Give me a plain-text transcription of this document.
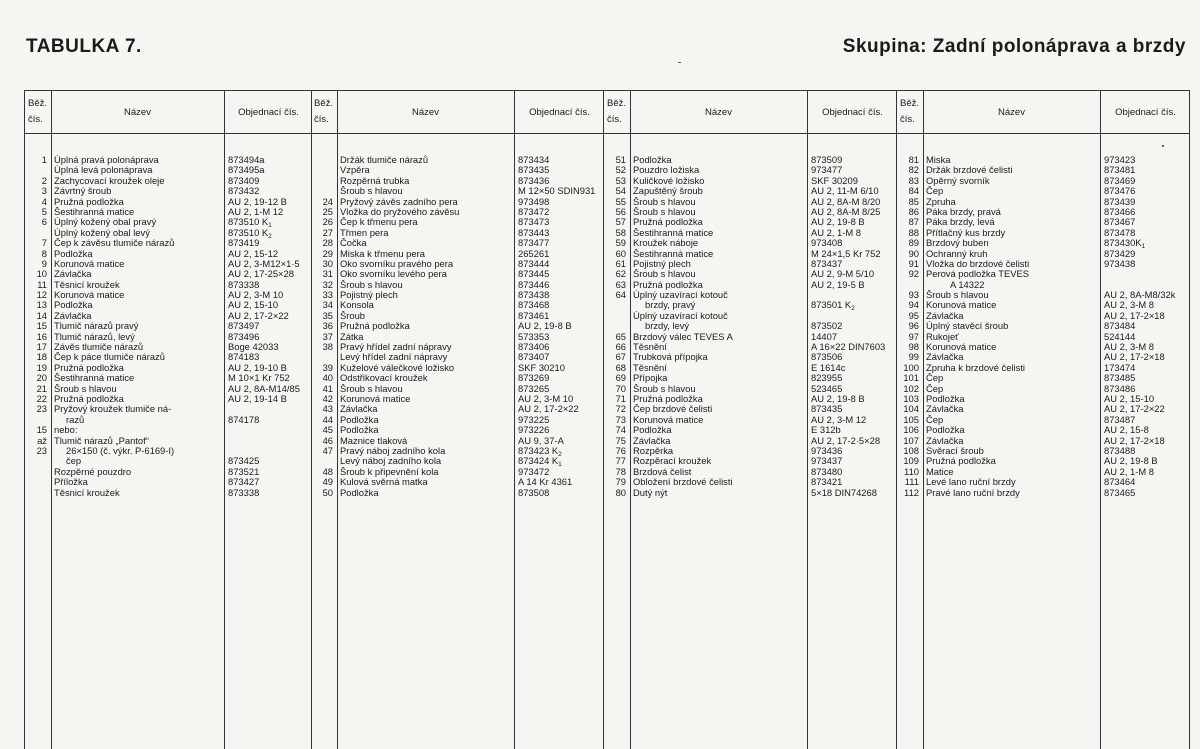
TABULKA 7.	Skupina: Zadní polonáprava a brzdy
Běž.
čís.
Název	Objednací čís.
1 Úplná pravá polonáprava	873494a
Úplná levá polonáprava	873495a
2 Zachycovací kroužek oleje	873409
3 Závrtný šroub	873432
4 Pružná podložka	AU 2, 19-12 B
5 Šestihranná matice	AU 2, 1-M 12
6 Úplný kožený obal pravý	873510 $K_1$
Úplný kožený obal levý	873510 $K_2$
7 Čep k závěsu tlumiče nárazů	873419
8 Podložka	AU 2, 15-12
9 Korunová matice	AU 2, 3-M12×1·5
10 Závlačka	AU 2, 17-25×28
11 Těsnicí kroužek	873338
12 Korunová matice	AU 2, 3-M 10
13 Podložka	AU 2, 15-10
14 Závlačka	AU 2, 17-2×22
15 Tlumič nárazů pravý	873497
16 Tlumič nárazů, levý	873496
17 Závěs tlumiče nárazů	Boge 42033
18 Čep k páce tlumiče nárazů	874183
19 Pružná podložka	AU 2, 19-10 B
20 Šestihranná matice	M 10×1 Kr 752
21 Šroub s hlavou	AU 2, 8A-M14/85
22 Pružná podložka	AU 2, 19-14 B
23 Pryžový kroužek tlumiče ná-
razů	874178
15 nebo:
až Tlumič nárazů „Pantof“
23 26×150 (č. výkr. P-6169-I)
čep	873425
Rozpěrné pouzdro	873521
Příložka	873427
Těsnicí kroužek	873338
Běž.
čís.
Název	Objednací čís.
Držák tlumiče nárazů	873434
Vzpěra	873435
Rozpěrná trubka	873436
Šroub s hlavou	M 12×50 SDIN931
24 Pryžový závěs zadního pera	973498
25 Vložka do pryžového závěsu	873472
26 Čep k třmenu pera	873473
27 Třmen pera	873443
28 Čočka	873477
29 Miska k třmenu pera	265261
30 Oko svorníku pravého pera	873444
31 Oko svorníku levého pera	873445
32 Šroub s hlavou	873446
33 Pojistný plech	873438
34 Konsola	873468
35 Šroub	873461
36 Pružná podložka	AU 2, 19-8 B
37 Zátka	573353
38 Pravý hřídel zadní nápravy	873406
Levý hřídel zadní nápravy	873407
39 Kuželové válečkové ložisko	SKF 30210
40 Odstřikovací kroužek	873269
41 Šroub s hlavou	873265
42 Korunová matice	AU 2, 3-M 10
43 Závlačka	AU 2, 17-2×22
44 Podložka	973225
45 Podložka	973226
46 Maznice tlaková	AU 9, 37-A
47 Pravý náboj zadního kola	873423 $K_2$
Levý náboj zadního kola	873424 $K_1$
48 Šroub k připevnění kola	973472
49 Kulová svěrná matka	A 14 Kr 4361
50 Podložka	873508
Běž.
čís.
Název	Objednací čís.
51 Podložka	873509
52 Pouzdro ložiska	973477
53 Kuličkové ložisko	SKF 30209
54 Zapuštěný šroub	AU 2, 11-M 6/10
55 Šroub s hlavou	AU 2, 8A-M 8/20
56 Šroub s hlavou	AU 2, 8A-M 8/25
57 Pružná podložka	AU 2, 19-8 B
58 Šestihranná matice	AU 2, 1-M 8
59 Kroužek náboje	973408
60 Šestihranná matice	M 24×1,5 Kr 752
61 Pojistný plech	873437
62 Šroub s hlavou	AU 2, 9-M 5/10
63 Pružná podložka	AU 2, 19-5 B
64 Úplný uzavírací kotouč
brzdy, pravý	873501 $K_2$
Úplný uzavírací kotouč
brzdy, levý	873502
65 Brzdový válec TEVES A	14407
66 Těsnění	A 16×22 DIN7603
67 Trubková přípojka	873506
68 Těsnění	E 1614c
69 Přípojka	823955
70 Šroub s hlavou	523465
71 Pružná podložka	AU 2, 19-8 B
72 Čep brzdové čelisti	873435
73 Korunová matice	AU 2, 3-M 12
74 Podložka	E 312b
75 Závlačka	AU 2, 17-2·5×28
76 Rozpěrka	973436
77 Rozpěrací kroužek	973437
78 Brzdová čelist	873480
79 Obložení brzdové čelisti	873421
80 Dutý nýt	5×18 DIN74268
Běž.
čís.
Název	Objednací čís.
81 Miska	973423
82 Držák brzdové čelisti	873481
83 Opěrný svorník	873469
84 Čep	873476
85 Zpruha	873439
86 Páka brzdy, pravá	873466
87 Páka brzdy, levá	873467
88 Přítlačný kus brzdy	873478
89 Brzdový buben	$873430K_1$
90 Ochranný kruh	873429
91 Vložka do brzdové čelisti	973438
92 Perová podložka TEVES
A 14322
93 Šroub s hlavou	AU 2, 8A-M8/32k
94 Korunová matice	AU 2, 3-M 8
95 Závlačka	AU 2, 17-2×18
96 Úplný stavěcí šroub	873484
97 Rukojeť	524144
98 Korunová matice	AU 2, 3-M 8
99 Závlačka	AU 2, 17-2×18
100 Zpruha k brzdové čelisti	173474
101 Čep	873485
102 Čep	873486
103 Podložka	AU 2, 15-10
104 Závlačka	AU 2, 17-2×22
105 Čep	873487
106 Podložka	AU 2, 15-8
107 Závlačka	AU 2, 17-2×18
108 Svěrací šroub	873488
109 Pružná podložka	AU 2, 19-8 B
110 Matice	AU 2, 1-M 8
111 Levé lano ruční brzdy	873464
112 Pravé lano ruční brzdy	873465
